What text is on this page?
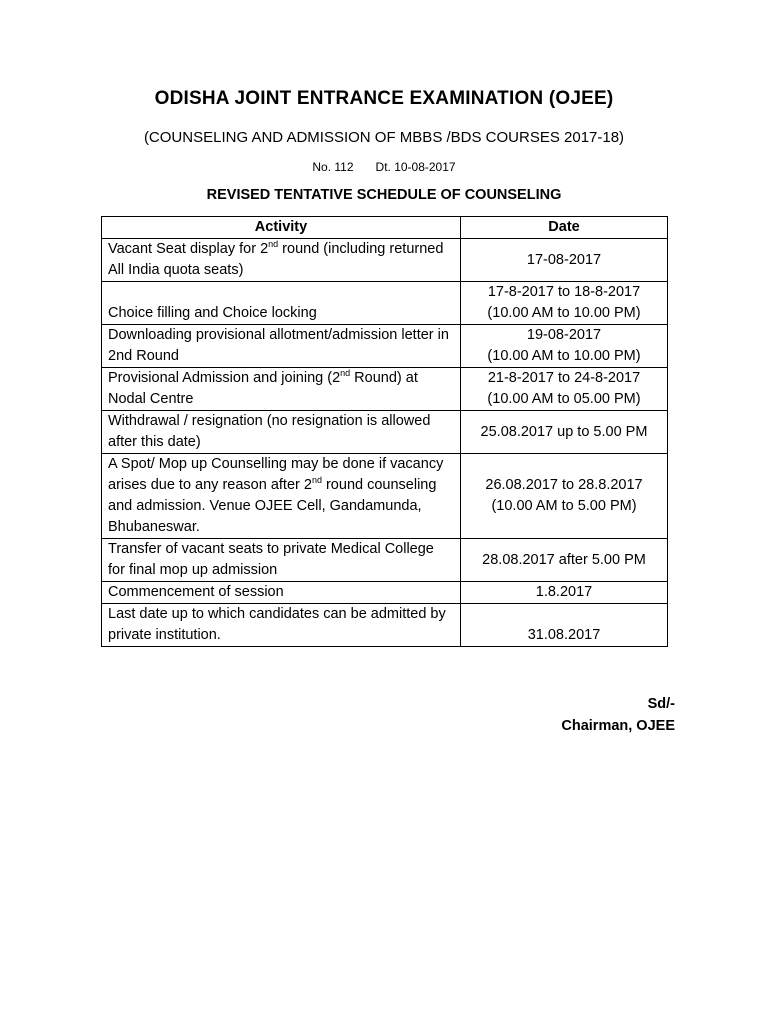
ODISHA JOINT ENTRANCE EXAMINATION (OJEE)
(COUNSELING AND ADMISSION OF MBBS /BDS COURSES 2017-18)
No. 112 Dt. 10-08-2017
REVISED TENTATIVE SCHEDULE OF COUNSELING
Activity	Date
Vacant Seat display for 2nd round (including returned All India quota seats)	17-08-2017
Choice filling and Choice locking	17-8-2017 to 18-8-2017
(10.00 AM to 10.00 PM)
Downloading provisional allotment/admission letter in 2nd Round	19-08-2017
(10.00 AM to 10.00 PM)
Provisional Admission and joining (2nd Round) at Nodal Centre	21-8-2017 to 24-8-2017
(10.00 AM to 05.00 PM)
Withdrawal / resignation (no resignation is allowed after this date)	25.08.2017 up to 5.00 PM
A Spot/ Mop up Counselling may be done if vacancy arises due to any reason after 2nd round counseling and admission. Venue OJEE Cell, Gandamunda, Bhubaneswar.	26.08.2017 to 28.8.2017
(10.00 AM to 5.00 PM)
Transfer of vacant seats to private Medical College for final mop up admission	28.08.2017 after 5.00 PM
Commencement of session	1.8.2017
Last date up to which candidates can be admitted by private institution.	31.08.2017
Sd/-
Chairman, OJEE
